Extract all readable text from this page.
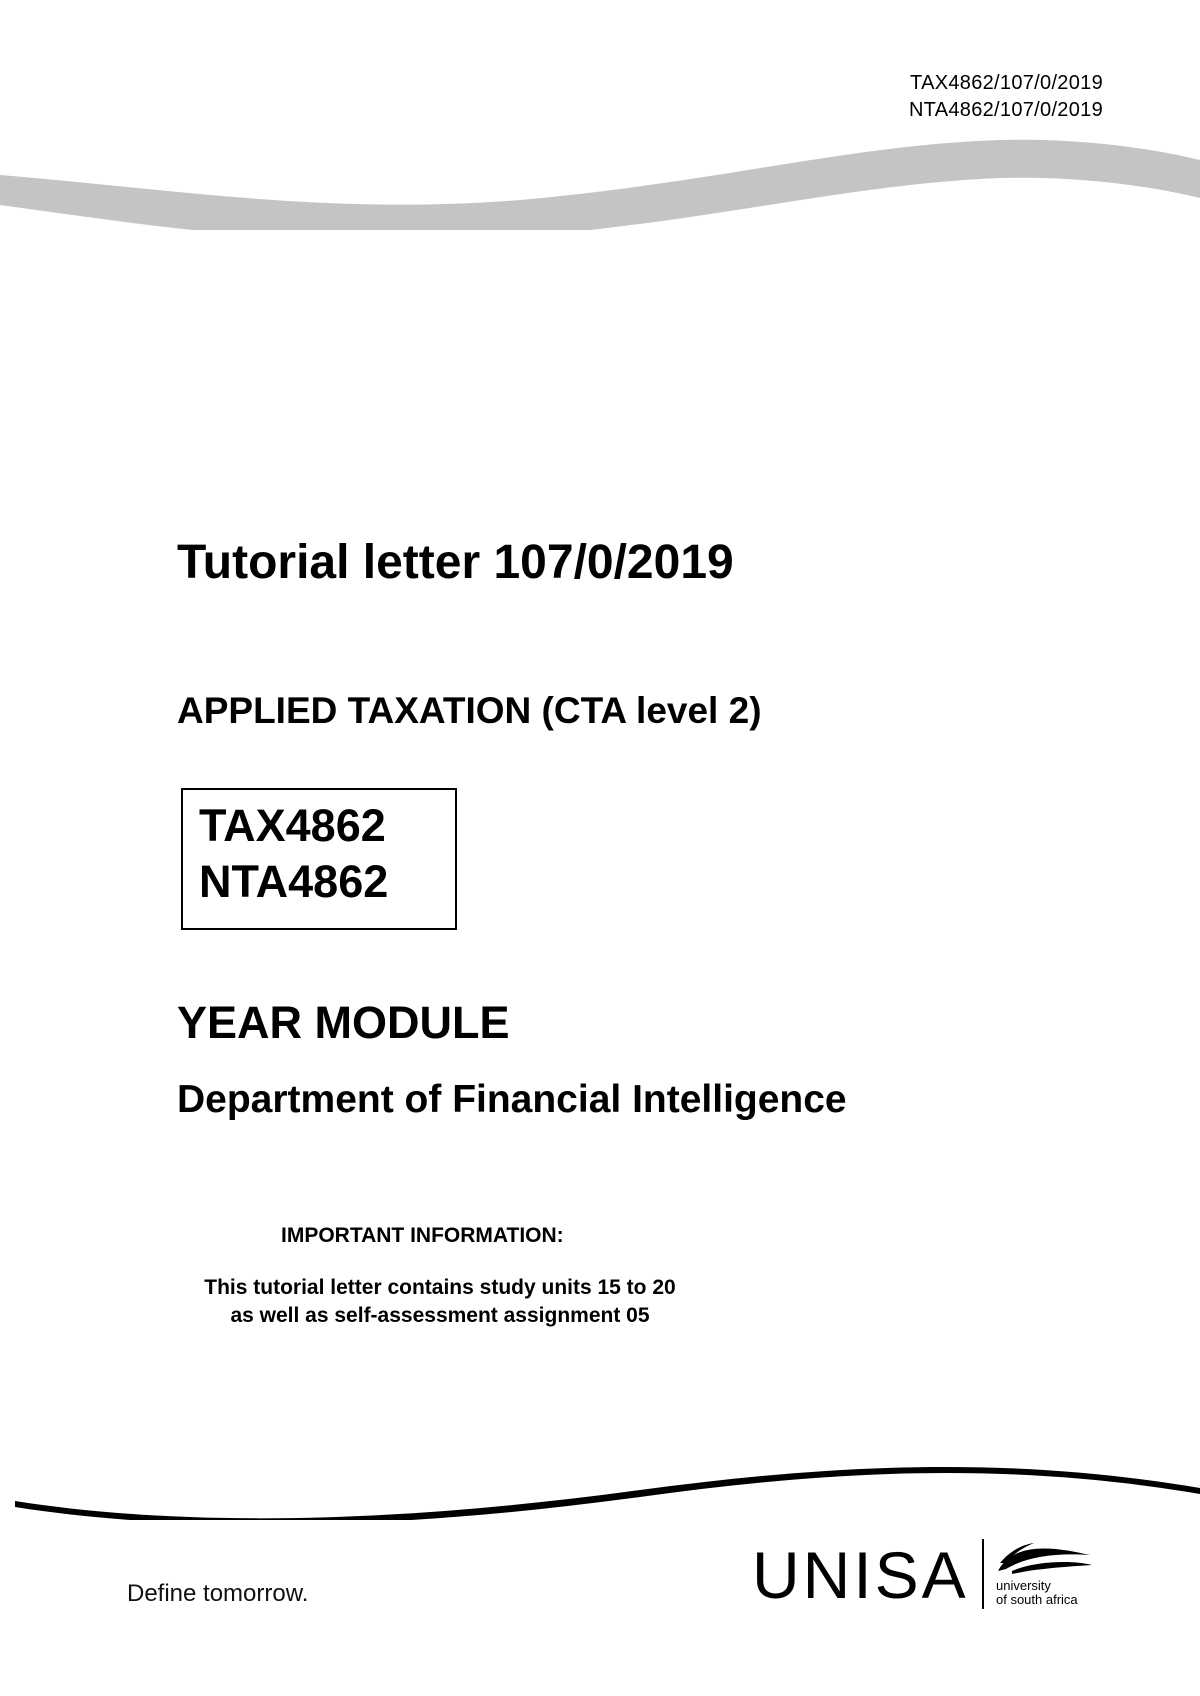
TAX4862/107/0/2019
NTA4862/107/0/2019
Tutorial letter 107/0/2019
APPLIED TAXATION (CTA level 2)
TAX4862
NTA4862
YEAR MODULE
Department of Financial Intelligence
IMPORTANT INFORMATION:
This tutorial letter contains study units 15 to 20
as well as self-assessment assignment 05
Define tomorrow.	UNISA university
of south africa
